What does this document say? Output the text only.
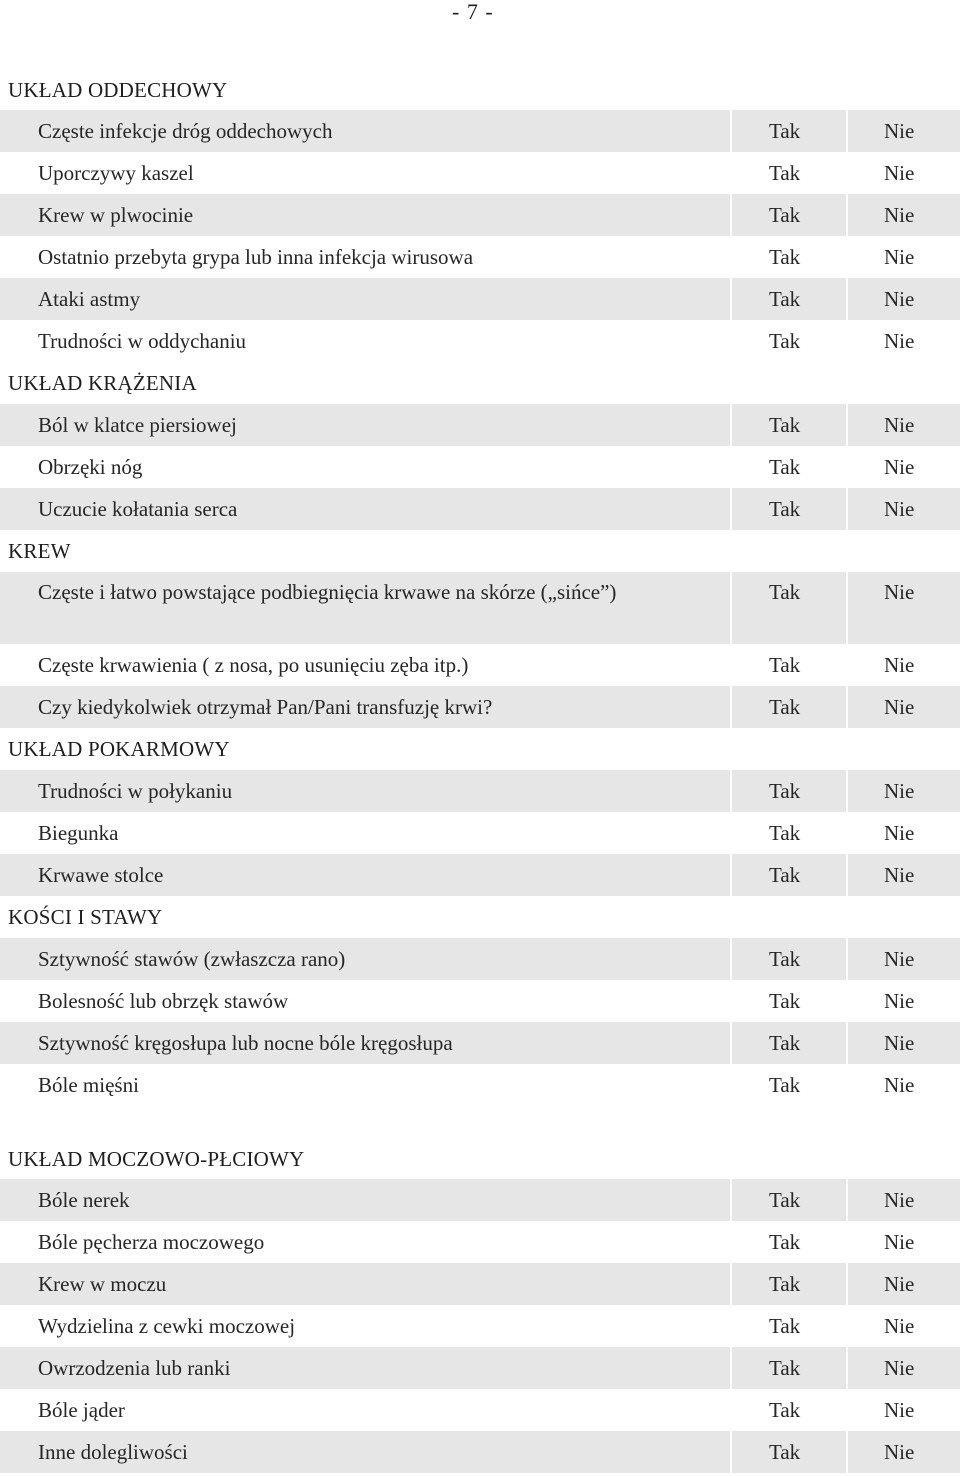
- 7 -
UKŁAD ODDECHOWY
Częste infekcje dróg oddechowych	Tak	Nie
Uporczywy kaszel	Tak	Nie
Krew w plwocinie	Tak	Nie
Ostatnio przebyta grypa lub inna infekcja wirusowa	Tak	Nie
Ataki astmy	Tak	Nie
Trudności w oddychaniu	Tak	Nie
UKŁAD KRĄŻENIA
Ból w klatce piersiowej	Tak	Nie
Obrzęki nóg	Tak	Nie
Uczucie kołatania serca	Tak	Nie
KREW
Częste i łatwo powstające podbiegnięcia krwawe na skórze („sińce”)	Tak	Nie
Częste krwawienia ( z nosa, po usunięciu zęba itp.)	Tak	Nie
Czy kiedykolwiek otrzymał Pan/Pani transfuzję krwi?	Tak	Nie
UKŁAD POKARMOWY
Trudności w połykaniu	Tak	Nie
Biegunka	Tak	Nie
Krwawe stolce	Tak	Nie
KOŚCI I STAWY
Sztywność stawów (zwłaszcza rano)	Tak	Nie
Bolesność lub obrzęk stawów	Tak	Nie
Sztywność kręgosłupa lub nocne bóle kręgosłupa	Tak	Nie
Bóle mięśni	Tak	Nie
UKŁAD MOCZOWO-PŁCIOWY
Bóle nerek	Tak	Nie
Bóle pęcherza moczowego	Tak	Nie
Krew w moczu	Tak	Nie
Wydzielina z cewki moczowej	Tak	Nie
Owrzodzenia lub ranki	Tak	Nie
Bóle jąder	Tak	Nie
Inne dolegliwości	Tak	Nie
